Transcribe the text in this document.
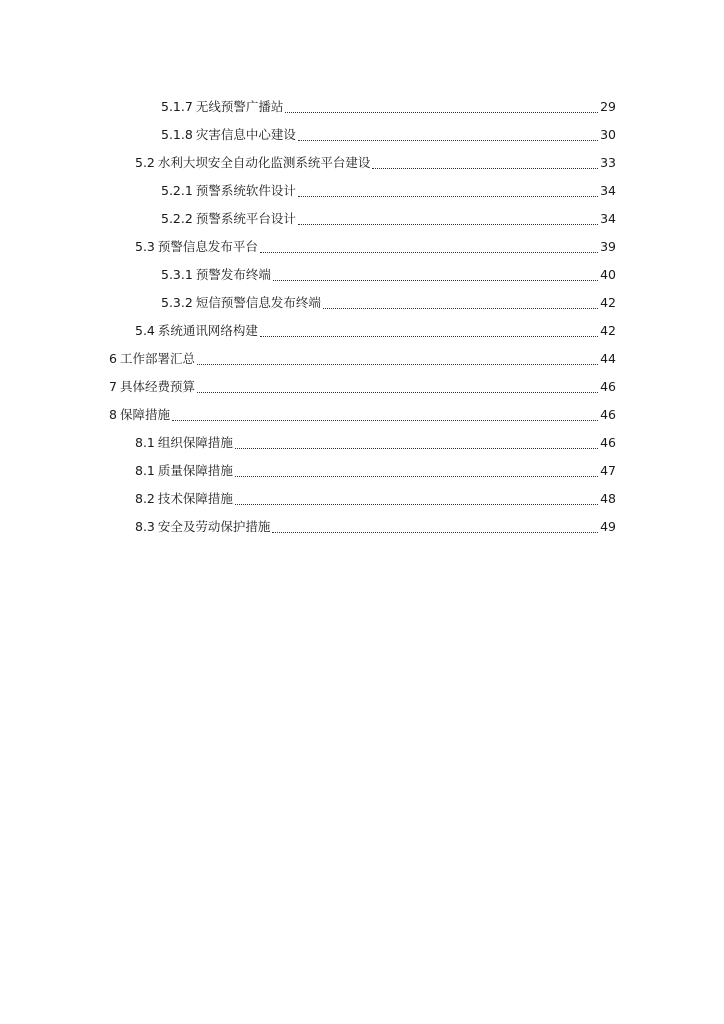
5.1.7 无线预警广播站	29
5.1.8 灾害信息中心建设	30
5.2 水利大坝安全自动化监测系统平台建设	33
5.2.1 预警系统软件设计	34
5.2.2 预警系统平台设计	34
5.3 预警信息发布平台	39
5.3.1 预警发布终端	40
5.3.2 短信预警信息发布终端	42
5.4 系统通讯网络构建	42
6 工作部署汇总	44
7 具体经费预算	46
8 保障措施	46
8.1 组织保障措施	46
8.1 质量保障措施	47
8.2 技术保障措施	48
8.3 安全及劳动保护措施	49
